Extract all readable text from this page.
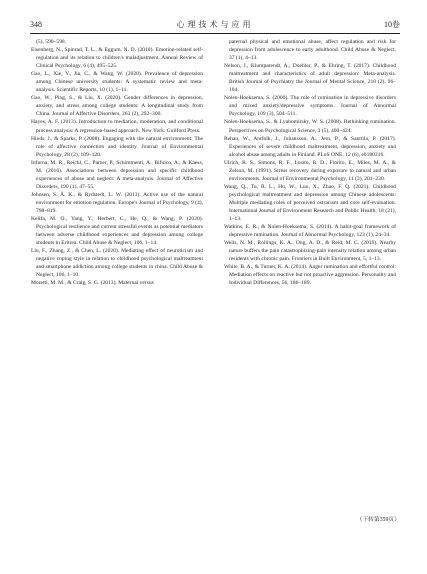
348	心理技术与应用	10卷

(5), 590–598.

Eisenberg, N., Spinrad, T. L., & Eggum, N. D. (2010). Emotion-related self-regulation and its relation to children's maladjustment. Annual Review of Clinical Psychology, 6 (4), 495–525.

Gao, L., Xie, Y., Jia, C., & Wang, W. (2020). Prevalence of depression among Chinese university students: A systematic review and meta-analysis. Scientific Reports, 10 (1), 1–11.

Gao, W., Ping, S., & Liu, X. (2020). Gender differences in depression, anxiety, and stress among college students: A longitudinal study from China. Journal of Affective Disorders, 263 (2), 292–300.

Hayes, A. F. (2013). Introduction to mediation, moderation, and conditional process analysis: A regression-based approach. New York: Guilford Press.

Hinds, J., & Sparks, P. (2008). Engaging with the natural environment: The role of affective connection and identity. Journal of Environmental Psychology, 28 (2), 109–120.

Infurna, M. R., Reichl, C., Parzer, P., Schimmenti, A., Bifulco, A., & Kaess, M. (2016). Associations between depression and specific childhood experiences of abuse and neglect: A meta-analysis. Journal of Affective Disorders, 190 (1), 47–55.

Johnsen, S. Å. K., & Rydstedt, L. W. (2013). Active use of the natural environment for emotion regulation. Europe's Journal of Psychology, 9 (4), 798–819.

Kelifa, M. O., Yang, Y., Herbert, C., He, Q., & Wang, P. (2020). Psychological resilience and current stressful events as potential mediators between adverse childhood experiences and depression among college students in Eritrea. Child Abuse & Neglect, 106, 1–14.

Liu, F., Zhang, Z., & Chen, L. (2020). Mediating effect of neuroticism and negative coping style in relation to childhood psychological maltreatment and smartphone addiction among college students in china. Child Abuse & Neglect, 106, 1–10.

Moretti, M. M., & Craig, S. G. (2013). Maternal versus

paternal physical and emotional abuse, affect regulation and risk for depression from adolescence to early adulthood. Child Abuse & Neglect, 37 (1), 4–13.

Nelson, J., Klumparendt, A., Doebler, P., & Ehring, T. (2017). Childhood maltreatment and characteristics of adult depression: Meta-analysis. British Journal of Psychiatry the Journal of Mental Science, 210 (2), 96–104.

Nolen-Hoeksema, S. (2000). The role of rumination in depressive disorders and mixed anxiety/depressive symptoms. Journal of Abnormal Psychology, 109 (3), 504–511.

Nolen-Hoeksema, S., & Lyubomirsky, W. S. (2008). Rethinking rumination. Perspectives on Psychological Science, 3 (5), 400–424.

Rehan, W., Antfolk, J., Johansson, A., Jern, P., & Santtila, P. (2017). Experiences of severe childhood maltreatment, depression, anxiety and alcohol abuse among adults in Finland. PLoS ONE, 12 (6), e0180316.

Ulrich, R. S., Simons, R. F., Losito, B. D., Fiorito, E., Miles, M. A., & Zelson, M. (1991). Stress recovery during exposure to natural and urban environments. Journal of Environmental Psychology, 11 (3), 201–230.

Wang, Q., Tu, R. L., Hu, W., Luo, X., Zhao, F. Q. (2021). Childhood psychological maltreatment and depression among Chinese adolescents: Multiple mediating roles of perceived ostracism and core self-evaluation. International Journal of Environment Research and Public Health, 18 (21), 1–13.

Watkins, E. R., & Nolen-Hoeksema, S. (2014). A habit-goal framework of depressive rumination. Journal of Abnormal Psychology, 123 (1), 24–34.

Wells, N. M., Rollings, K. A., Ong, A. D., & Reid, M. C. (2019). Nearby nature buffers the pain catastrophizing-pain intensity relation among urban residents with chronic pain. Frontiers in Built Environment, 5, 1–13.

White, B. A., & Turner, K. A. (2014). Anger rumination and effortful control: Mediation effects on reactive but not proactive aggression. Personality and Individual Differences, 56, 186–189.

（下转第359页）
